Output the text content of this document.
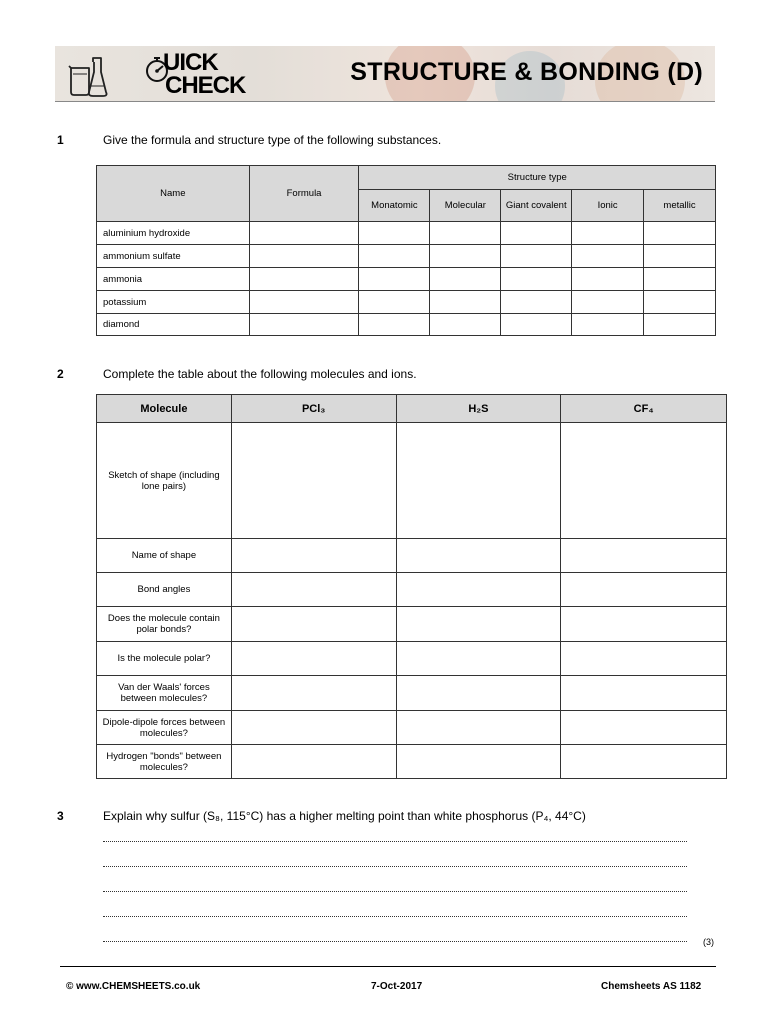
UICK
CHECK	STRUCTURE & BONDING (D)
1	Give the formula and structure type of the following substances.
Name	Formula	Structure type				
		Monatomic	Molecular	Giant covalent	Ionic	metallic
aluminium hydroxide						
ammonium sulfate						
ammonia						
potassium						
diamond						
2	Complete the table about the following molecules and ions.
Molecule	PCl₃	H₂S	CF₄
Sketch of shape (including lone pairs)			
Name of shape			
Bond angles			
Does the molecule contain polar bonds?			
Is the molecule polar?			
Van der Waals' forces between molecules?			
Dipole-dipole forces between molecules?			
Hydrogen "bonds" between molecules?			
3	Explain why sulfur (S₈, 115°C) has a higher melting point than white phosphorus (P₄, 44°C)
(3)
© www.CHEMSHEETS.co.uk	7-Oct-2017	Chemsheets AS 1182
